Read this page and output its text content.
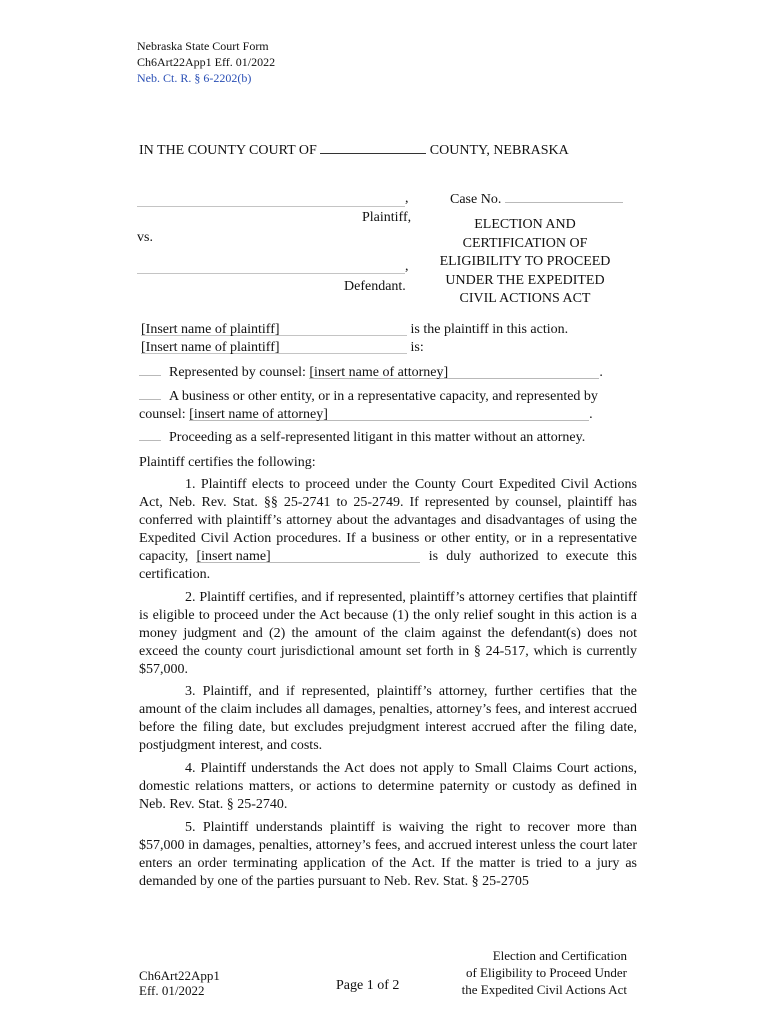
Nebraska State Court Form
Ch6Art22App1 Eff. 01/2022
Neb. Ct. R. § 6-2202(b)
IN THE COUNTY COURT OF	COUNTY, NEBRASKA
,
Plaintiff,
vs.
,
Defendant.
Case No.
ELECTION AND
CERTIFICATION OF
ELIGIBILITY TO PROCEED
UNDER THE EXPEDITED
CIVIL ACTIONS ACT
[Insert name of plaintiff]	is the plaintiff in this action.
[Insert name of plaintiff]	is:
Represented by counsel: [insert name of attorney]	.
A business or other entity, or in a representative capacity, and represented by
counsel: [insert name of attorney]	.
Proceeding as a self-represented litigant in this matter without an attorney.
Plaintiff certifies the following:
1. Plaintiff elects to proceed under the County Court Expedited Civil Actions Act, Neb. Rev. Stat. §§ 25-2741 to 25-2749. If represented by counsel, plaintiff has conferred with plaintiff’s attorney about the advantages and disadvantages of using the Expedited Civil Action procedures. If a business or other entity, or in a representative capacity, [insert name]	is duly authorized to execute this certification.
2. Plaintiff certifies, and if represented, plaintiff’s attorney certifies that plaintiff is eligible to proceed under the Act because (1) the only relief sought in this action is a money judgment and (2) the amount of the claim against the defendant(s) does not exceed the county court jurisdictional amount set forth in § 24-517, which is currently $57,000.
3. Plaintiff, and if represented, plaintiff’s attorney, further certifies that the amount of the claim includes all damages, penalties, attorney’s fees, and interest accrued before the filing date, but excludes prejudgment interest accrued after the filing date, postjudgment interest, and costs.
4. Plaintiff understands the Act does not apply to Small Claims Court actions, domestic relations matters, or actions to determine paternity or custody as defined in Neb. Rev. Stat. § 25-2740.
5. Plaintiff understands plaintiff is waiving the right to recover more than $57,000 in damages, penalties, attorney’s fees, and accrued interest unless the court later enters an order terminating application of the Act. If the matter is tried to a jury as demanded by one of the parties pursuant to Neb. Rev. Stat. § 25-2705
Ch6Art22App1
Eff. 01/2022	Page 1 of 2
Election and Certification
of Eligibility to Proceed Under
the Expedited Civil Actions Act
